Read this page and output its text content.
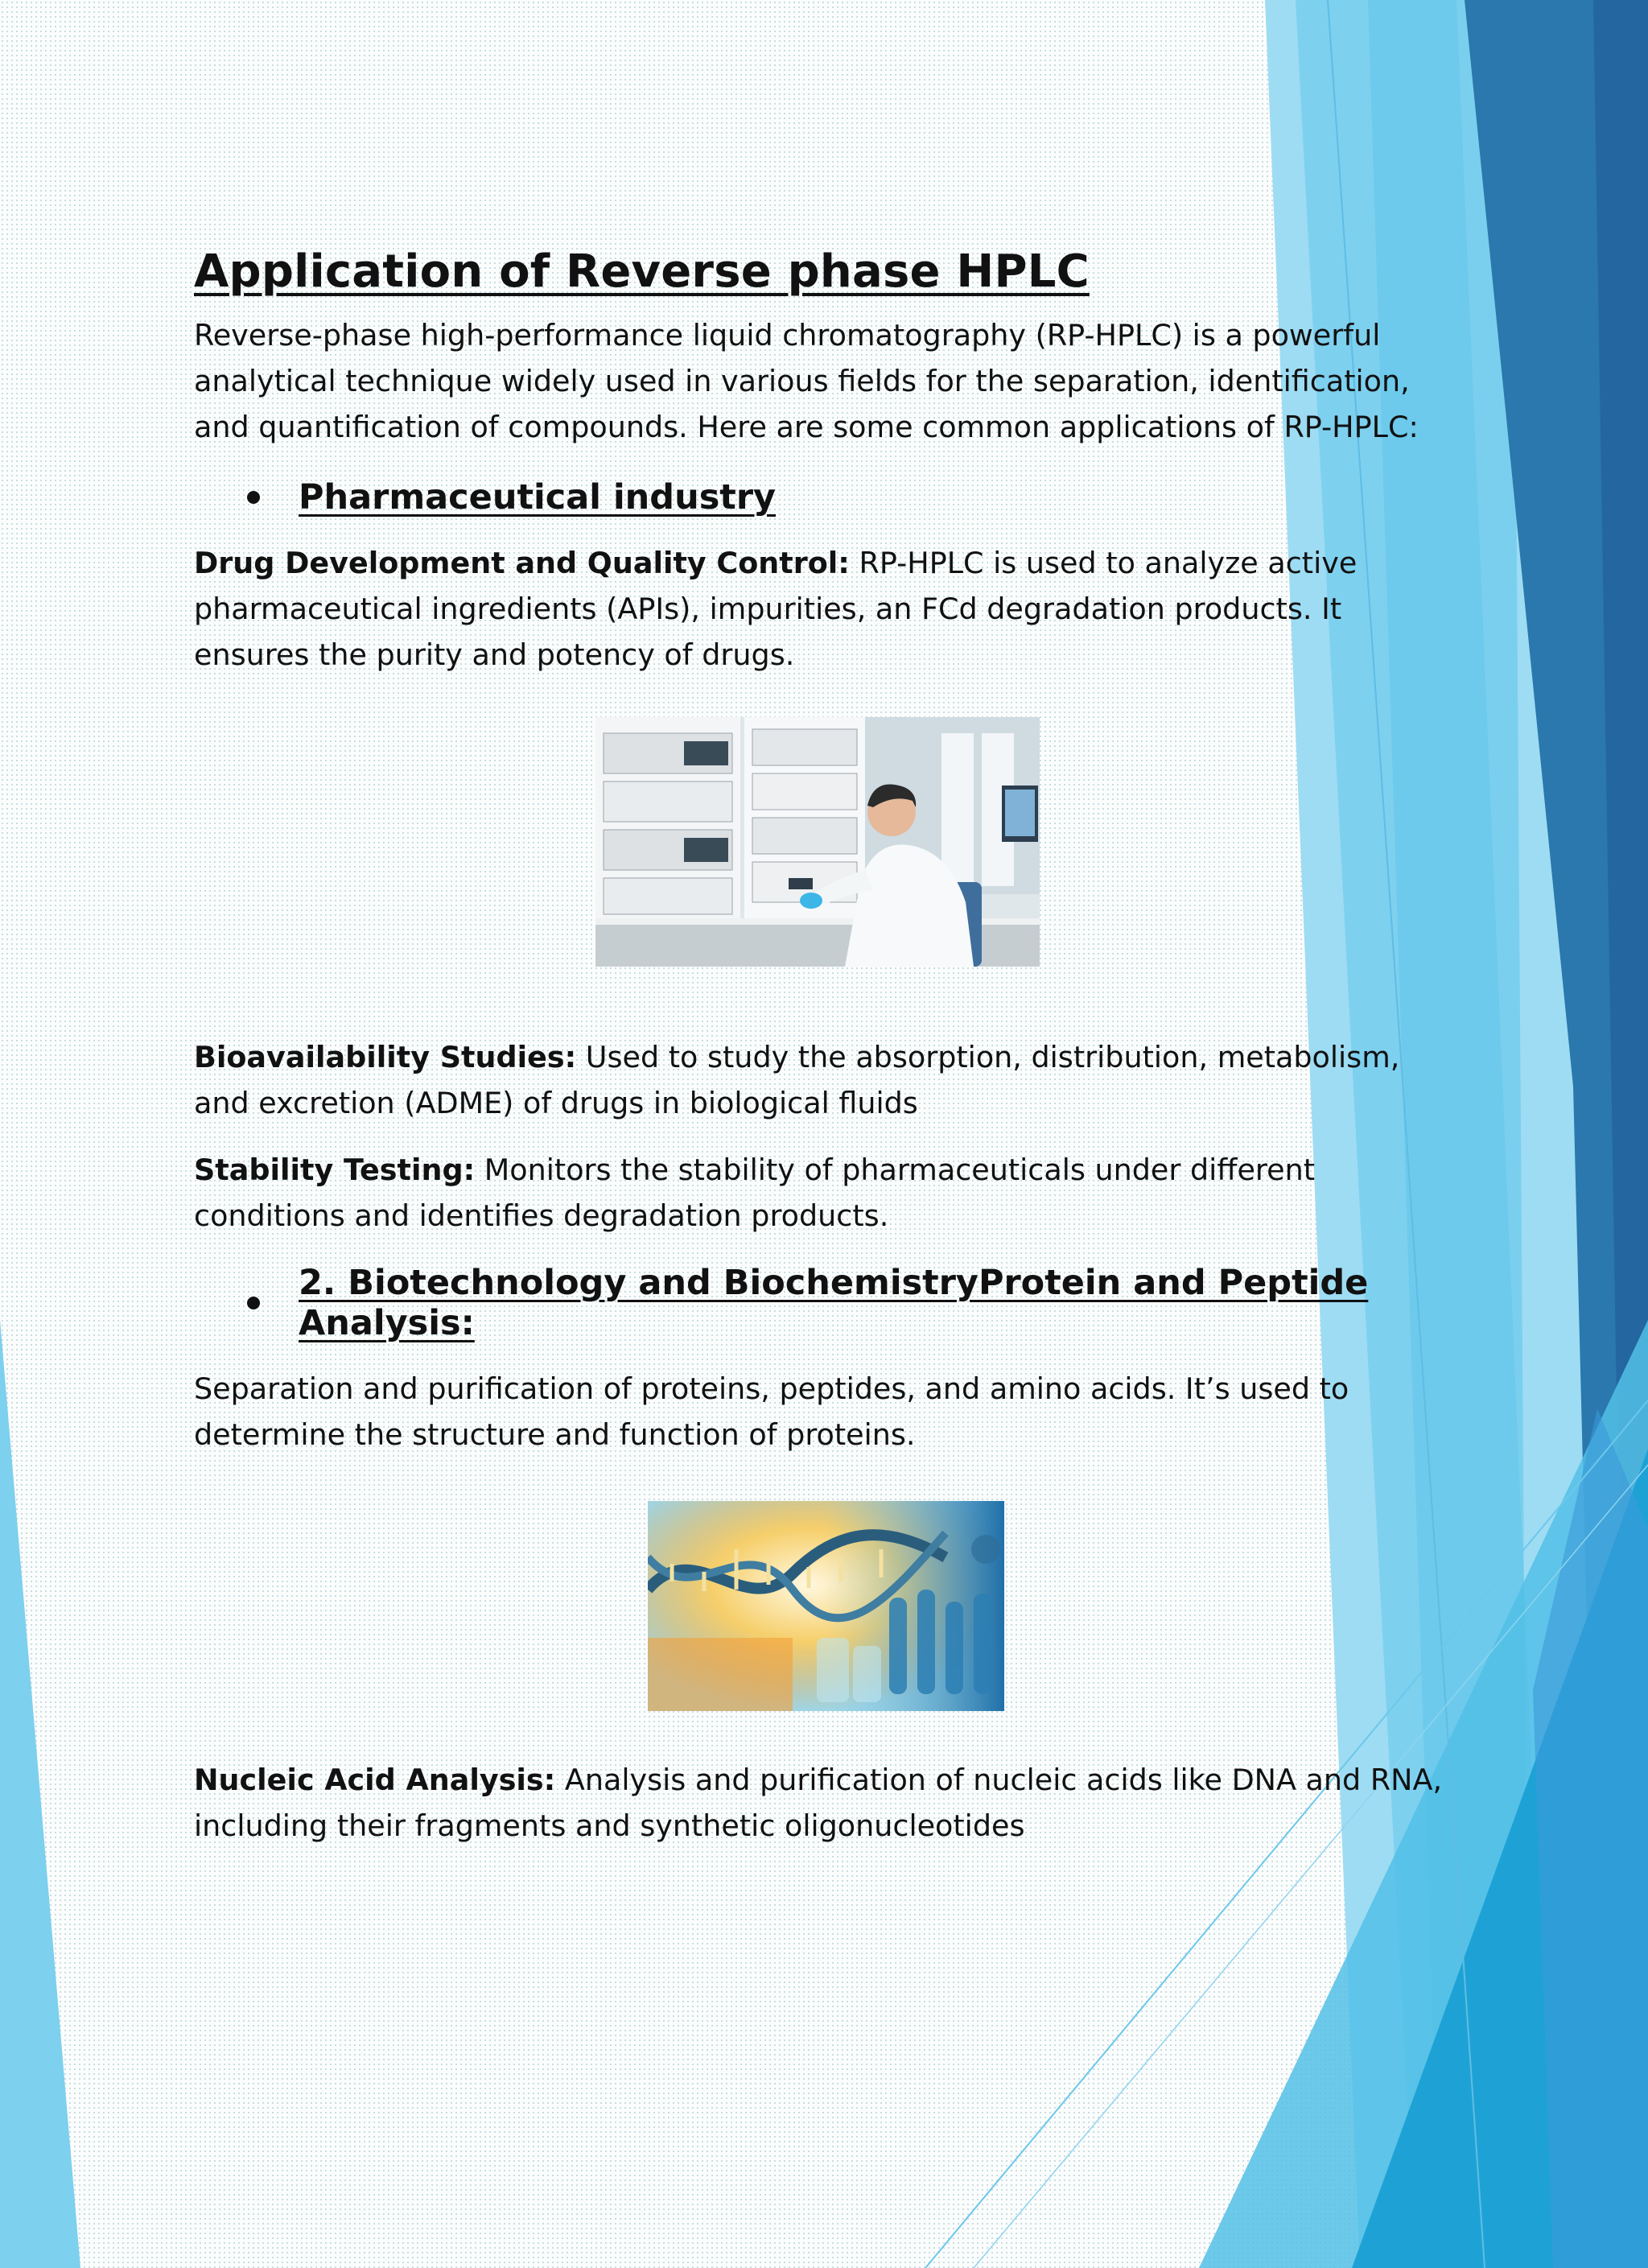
Application of Reverse phase HPLC

Reverse-phase high-performance liquid chromatography (RP-HPLC) is a powerful analytical technique widely used in various fields for the separation, identification, and quantification of compounds. Here are some common applications of RP-HPLC:

Pharmaceutical industry

Drug Development and Quality Control: RP-HPLC is used to analyze active pharmaceutical ingredients (APIs), impurities, an FCd degradation products. It ensures the purity and potency of drugs.

Bioavailability Studies: Used to study the absorption, distribution, metabolism, and excretion (ADME) of drugs in biological fluids

Stability Testing: Monitors the stability of pharmaceuticals under different conditions and identifies degradation products.

2. Biotechnology and BiochemistryProtein and Peptide Analysis:

Separation and purification of proteins, peptides, and amino acids. It’s used to determine the structure and function of proteins.

Nucleic Acid Analysis: Analysis and purification of nucleic acids like DNA and RNA, including their fragments and synthetic oligonucleotides
